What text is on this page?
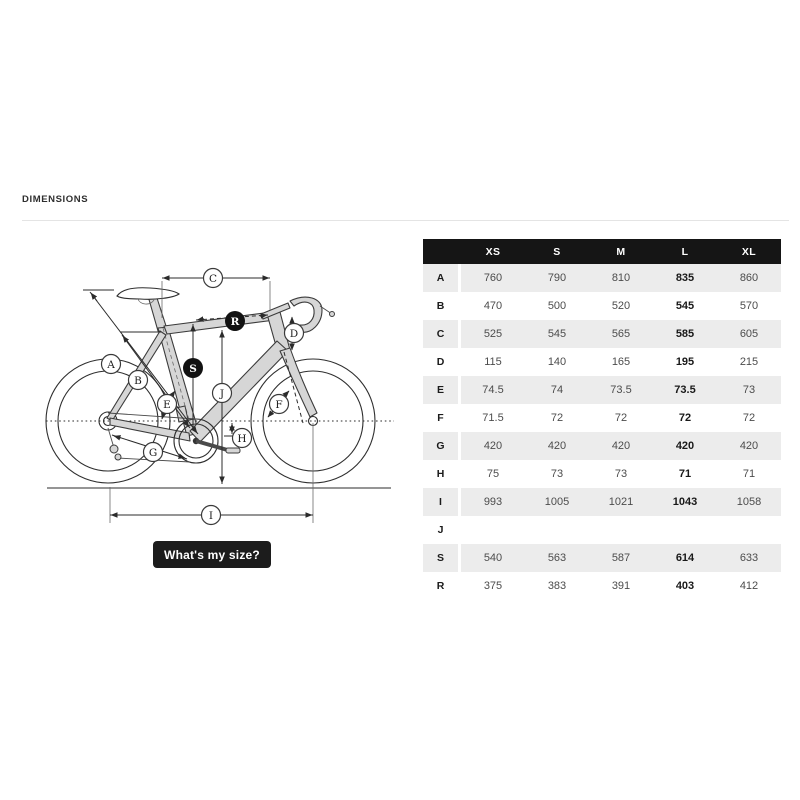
DIMENSIONS
A
B
C
D
E	F
G
H
I
J
R
S
What's my size?
XS	S	M	L	XL
A	760	790	810	835	860
B	470	500	520	545	570
C	525	545	565	585	605
D	115	140	165	195	215
E	74.5	74	73.5	73.5	73
F	71.5	72	72	72	72
G	420	420	420	420	420
H	75	73	73	71	71
I	993	1005	1021	1043	1058
J
S	540	563	587	614	633
R	375	383	391	403	412
